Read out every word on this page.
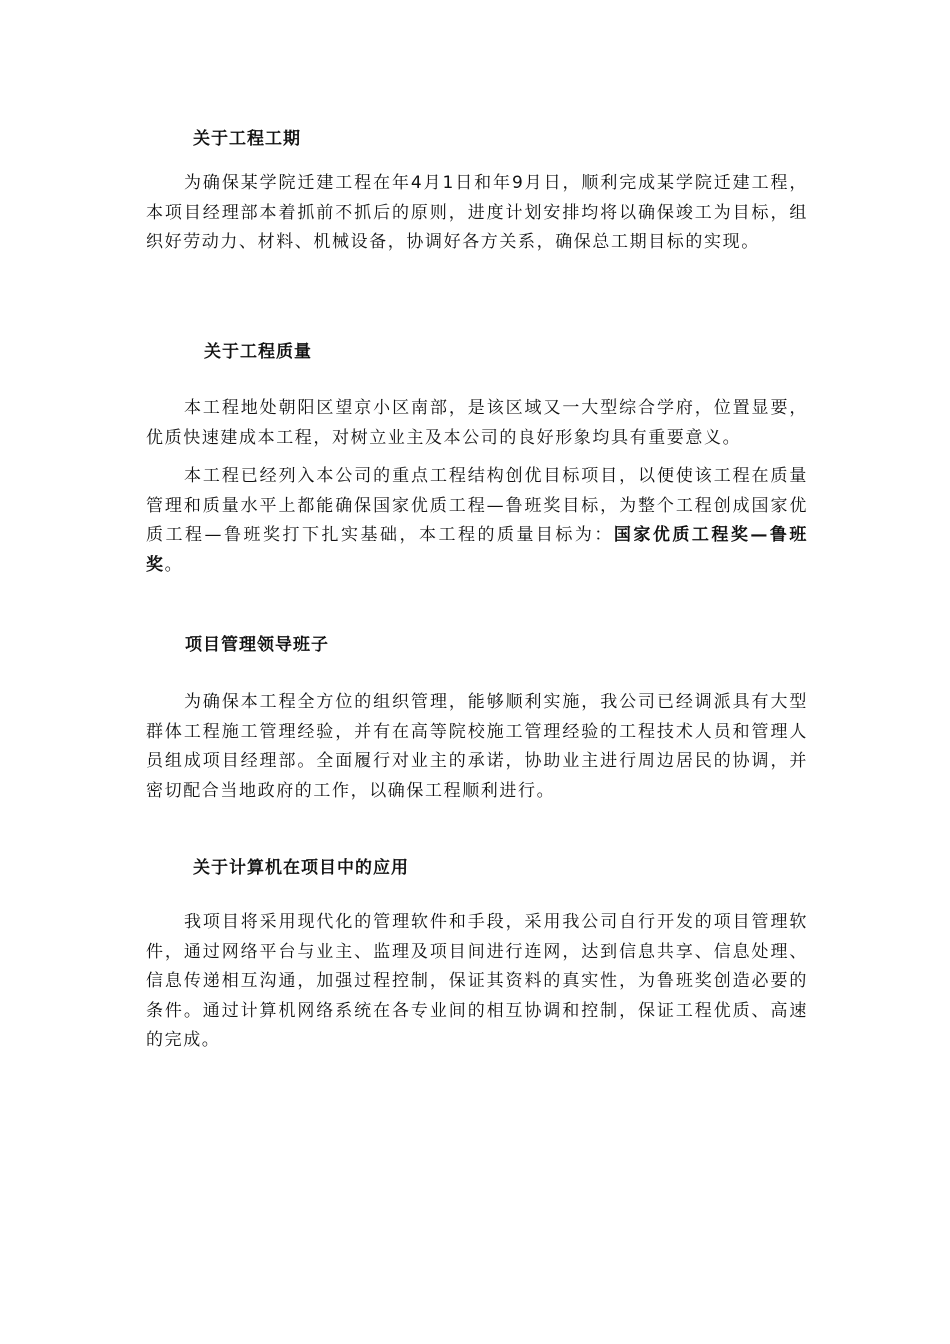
关于工程工期

为确保某学院迁建工程在年4月1日和年9月日，顺利完成某学院迁建工程，本项目经理部本着抓前不抓后的原则，进度计划安排均将以确保竣工为目标，组织好劳动力、材料、机械设备，协调好各方关系，确保总工期目标的实现。

关于工程质量

本工程地处朝阳区望京小区南部，是该区域又一大型综合学府，位置显要，优质快速建成本工程，对树立业主及本公司的良好形象均具有重要意义。

本工程已经列入本公司的重点工程结构创优目标项目，以便使该工程在质量管理和质量水平上都能确保国家优质工程—鲁班奖目标，为整个工程创成国家优质工程—鲁班奖打下扎实基础，本工程的质量目标为：国家优质工程奖—鲁班奖。

项目管理领导班子

为确保本工程全方位的组织管理，能够顺利实施，我公司已经调派具有大型群体工程施工管理经验，并有在高等院校施工管理经验的工程技术人员和管理人员组成项目经理部。全面履行对业主的承诺，协助业主进行周边居民的协调，并密切配合当地政府的工作，以确保工程顺利进行。

关于计算机在项目中的应用

我项目将采用现代化的管理软件和手段，采用我公司自行开发的项目管理软件，通过网络平台与业主、监理及项目间进行连网，达到信息共享、信息处理、信息传递相互沟通，加强过程控制，保证其资料的真实性，为鲁班奖创造必要的条件。通过计算机网络系统在各专业间的相互协调和控制，保证工程优质、高速的完成。
